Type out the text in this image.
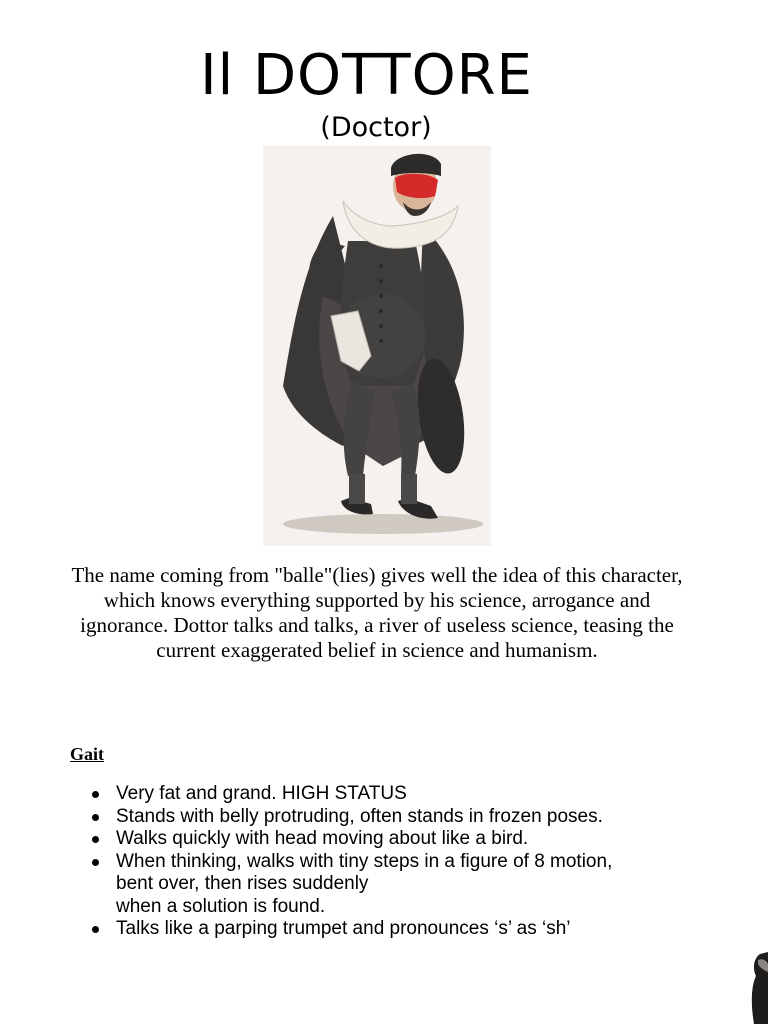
Il DOTTORE
(Doctor)
The name coming from "balle"(lies) gives well the idea of this character, which knows everything supported by his science, arrogance and ignorance. Dottor talks and talks, a river of useless science, teasing the current exaggerated belief in science and humanism.
Gait
Very fat and grand. HIGH STATUS
Stands with belly protruding, often stands in frozen poses.
Walks quickly with head moving about like a bird.
When thinking, walks with tiny steps in a figure of 8 motion,
bent over, then rises suddenly
when a solution is found.
Talks like a parping trumpet and pronounces ‘s’ as ‘sh’
